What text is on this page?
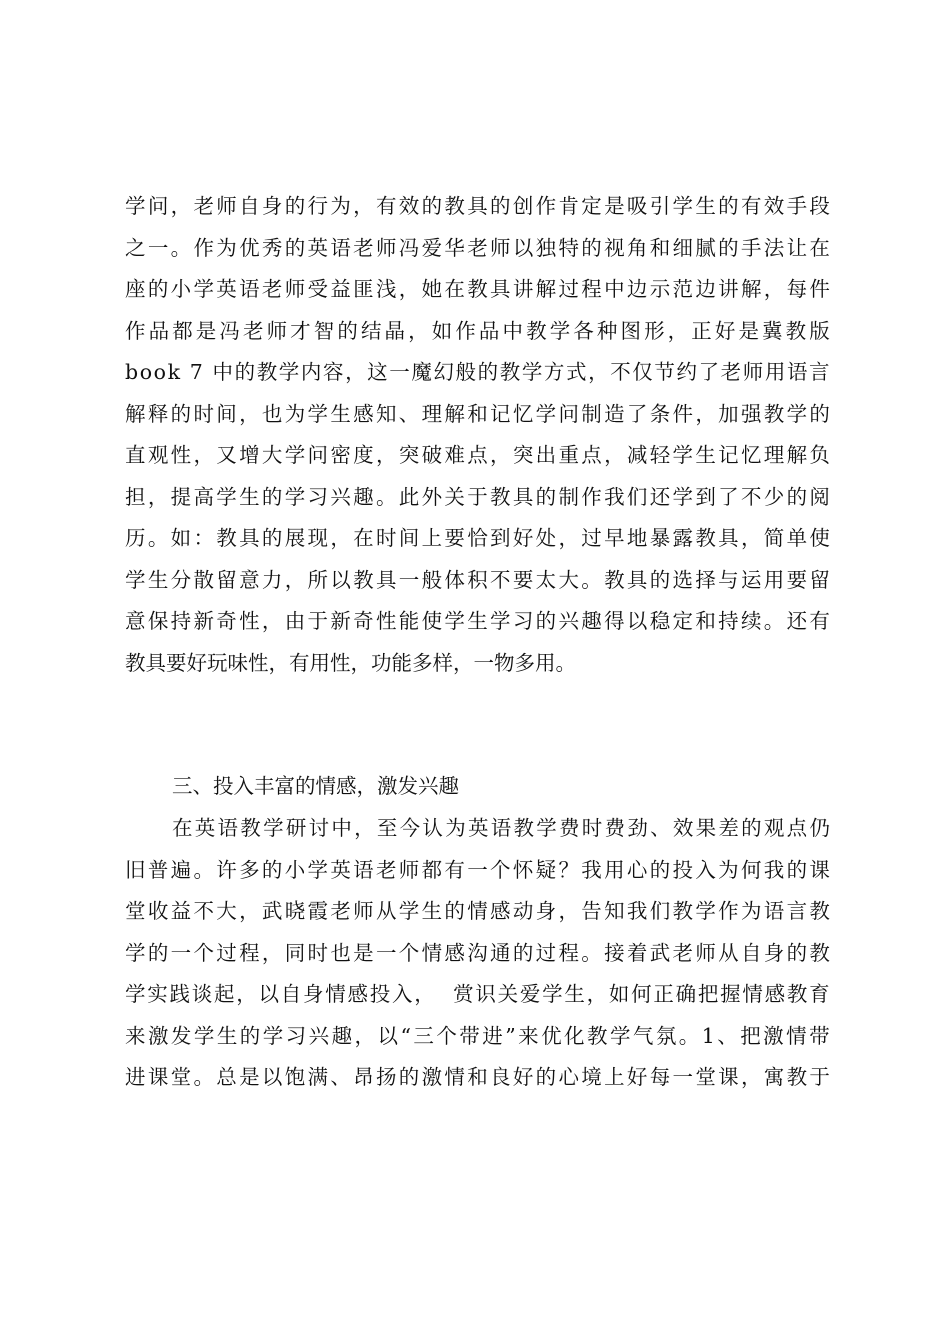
学 问 ， 老 师 自 身 的 行 为 ， 有 效 的 教 具 的 创 作 肯 定 是 吸 引 学 生 的 有 效 手 段
之 一 。 作 为 优 秀 的 英 语 老 师 冯 爱 华 老 师 以 独 特 的 视 角 和 细 腻 的 手 法 让 在
座 的 小 学 英 语 老 师 受 益 匪 浅 ， 她 在 教 具 讲 解 过 程 中 边 示 范 边 讲 解 ， 每 件
作 品 都 是 冯 老 师 才 智 的 结 晶 ， 如 作 品 中 教 学 各 种 图 形 ， 正 好 是 冀 教 版
b o o k
7
中 的 教 学 内 容 ， 这 一 魔 幻 般 的 教 学 方 式 ， 不 仅 节 约 了 老 师 用 语 言
解 释 的 时 间 ， 也 为 学 生 感 知 、 理 解 和 记 忆 学 问 制 造 了 条 件 ， 加 强 教 学 的
直 观 性 ， 又 增 大 学 问 密 度 ， 突 破 难 点 ， 突 出 重 点 ， 减 轻 学 生 记 忆 理 解 负
担 ， 提 高 学 生 的 学 习 兴 趣 。 此 外 关 于 教 具 的 制 作 我 们 还 学 到 了 不 少 的 阅
历 。 如 ： 教 具 的 展 现 ， 在 时 间 上 要 恰 到 好 处 ， 过 早 地 暴 露 教 具 ， 简 单 使
学 生 分 散 留 意 力 ， 所 以 教 具 一 般 体 积 不 要 太 大 。 教 具 的 选 择 与 运 用 要 留
意 保 持 新 奇 性 ， 由 于 新 奇 性 能 使 学 生 学 习 的 兴 趣 得 以 稳 定 和 持 续 。 还 有
教具要好玩味性，有用性，功能多样，一物多用。
三、投入丰富的情感，激发兴趣
在 英 语 教 学 研 讨 中 ， 至 今 认 为 英 语 教 学 费 时 费 劲 、 效 果 差 的 观 点 仍
旧 普 遍 。 许 多 的 小 学 英 语 老 师 都 有 一 个 怀 疑 ？ 我 用 心 的 投 入 为 何 我 的 课
堂 收 益 不 大 ， 武 晓 霞 老 师 从 学 生 的 情 感 动 身 ， 告 知 我 们 教 学 作 为 语 言 教
学 的 一 个 过 程 ， 同 时 也 是 一 个 情 感 沟 通 的 过 程 。 接 着 武 老 师 从 自 身 的 教
学 实 践 谈 起 ， 以 自 身 情 感 投 入 ，

赏 识 关 爱 学 生 ， 如 何 正 确 把 握 情 感 教 育
来 激 发 学 生 的 学 习 兴 趣 ， 以 “ 三 个 带 进 ” 来 优 化 教 学 气 氛 。 1 、 把 激 情 带
进 课 堂 。 总 是 以 饱 满 、 昂 扬 的 激 情 和 良 好 的 心 境 上 好 每 一 堂 课 ， 寓 教 于
